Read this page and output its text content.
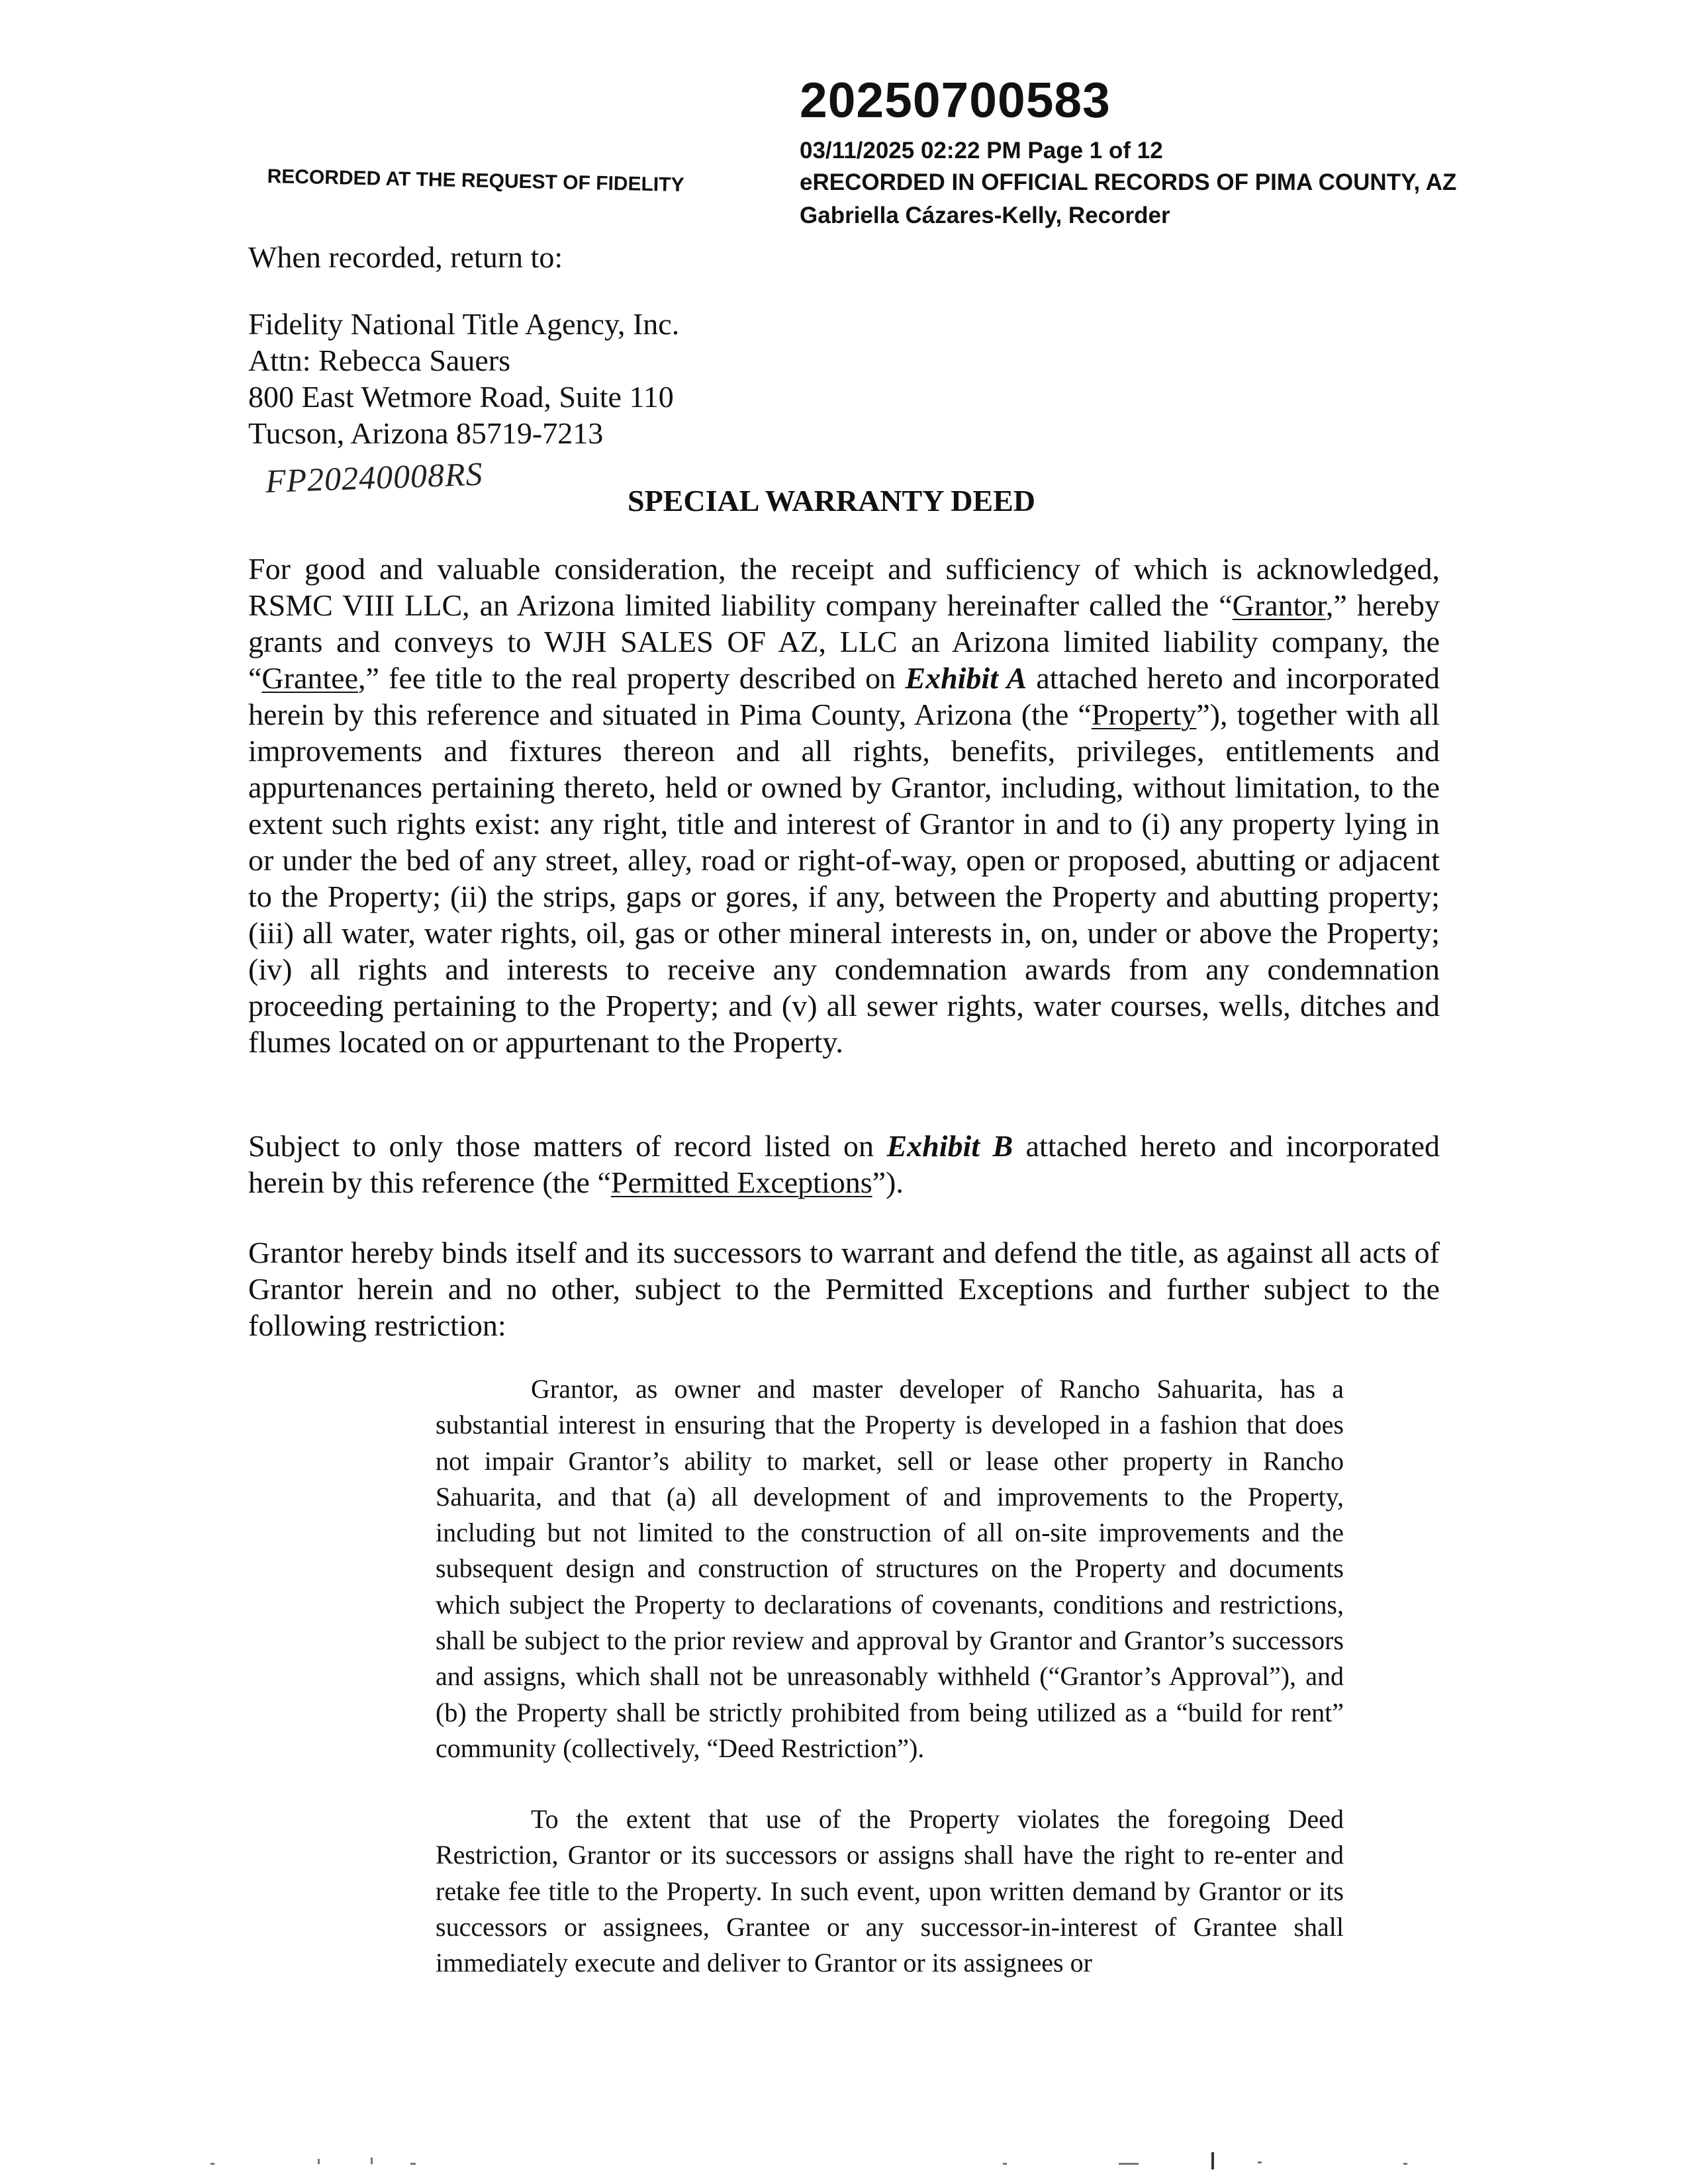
20250700583
03/11/2025 02:22 PM Page 1 of 12
eRECORDED IN OFFICIAL RECORDS OF PIMA COUNTY, AZ
Gabriella Cázares-Kelly, Recorder
RECORDED AT THE REQUEST OF FIDELITY
When recorded, return to:
Fidelity National Title Agency, Inc.
Attn: Rebecca Sauers
800 East Wetmore Road, Suite 110
Tucson, Arizona 85719-7213
FP20240008RS
SPECIAL WARRANTY DEED
For good and valuable consideration, the receipt and sufficiency of which is acknowledged, RSMC VIII LLC, an Arizona limited liability company hereinafter called the “Grantor,” hereby grants and conveys to WJH SALES OF AZ, LLC an Arizona limited liability company, the “Grantee,” fee title to the real property described on Exhibit A attached hereto and incorporated herein by this reference and situated in Pima County, Arizona (the “Property”), together with all improvements and fixtures thereon and all rights, benefits, privileges, entitlements and appurtenances pertaining thereto, held or owned by Grantor, including, without limitation, to the extent such rights exist: any right, title and interest of Grantor in and to (i) any property lying in or under the bed of any street, alley, road or right-of-way, open or proposed, abutting or adjacent to the Property; (ii) the strips, gaps or gores, if any, between the Property and abutting property; (iii) all water, water rights, oil, gas or other mineral interests in, on, under or above the Property; (iv) all rights and interests to receive any condemnation awards from any condemnation proceeding pertaining to the Property; and (v) all sewer rights, water courses, wells, ditches and flumes located on or appurtenant to the Property.
Subject to only those matters of record listed on Exhibit B attached hereto and incorporated herein by this reference (the “Permitted Exceptions”).
Grantor hereby binds itself and its successors to warrant and defend the title, as against all acts of Grantor herein and no other, subject to the Permitted Exceptions and further subject to the following restriction:
Grantor, as owner and master developer of Rancho Sahuarita, has a substantial interest in ensuring that the Property is developed in a fashion that does not impair Grantor’s ability to market, sell or lease other property in Rancho Sahuarita, and that (a) all development of and improvements to the Property, including but not limited to the construction of all on-site improvements and the subsequent design and construction of structures on the Property and documents which subject the Property to declarations of covenants, conditions and restrictions, shall be subject to the prior review and approval by Grantor and Grantor’s successors and assigns, which shall not be unreasonably withheld (“Grantor’s Approval”), and (b) the Property shall be strictly prohibited from being utilized as a “build for rent” community (collectively, “Deed Restriction”).
To the extent that use of the Property violates the foregoing Deed Restriction, Grantor or its successors or assigns shall have the right to re-enter and retake fee title to the Property. In such event, upon written demand by Grantor or its successors or assignees, Grantee or any successor-in-interest of Grantee shall immediately execute and deliver to Grantor or its assignees or
